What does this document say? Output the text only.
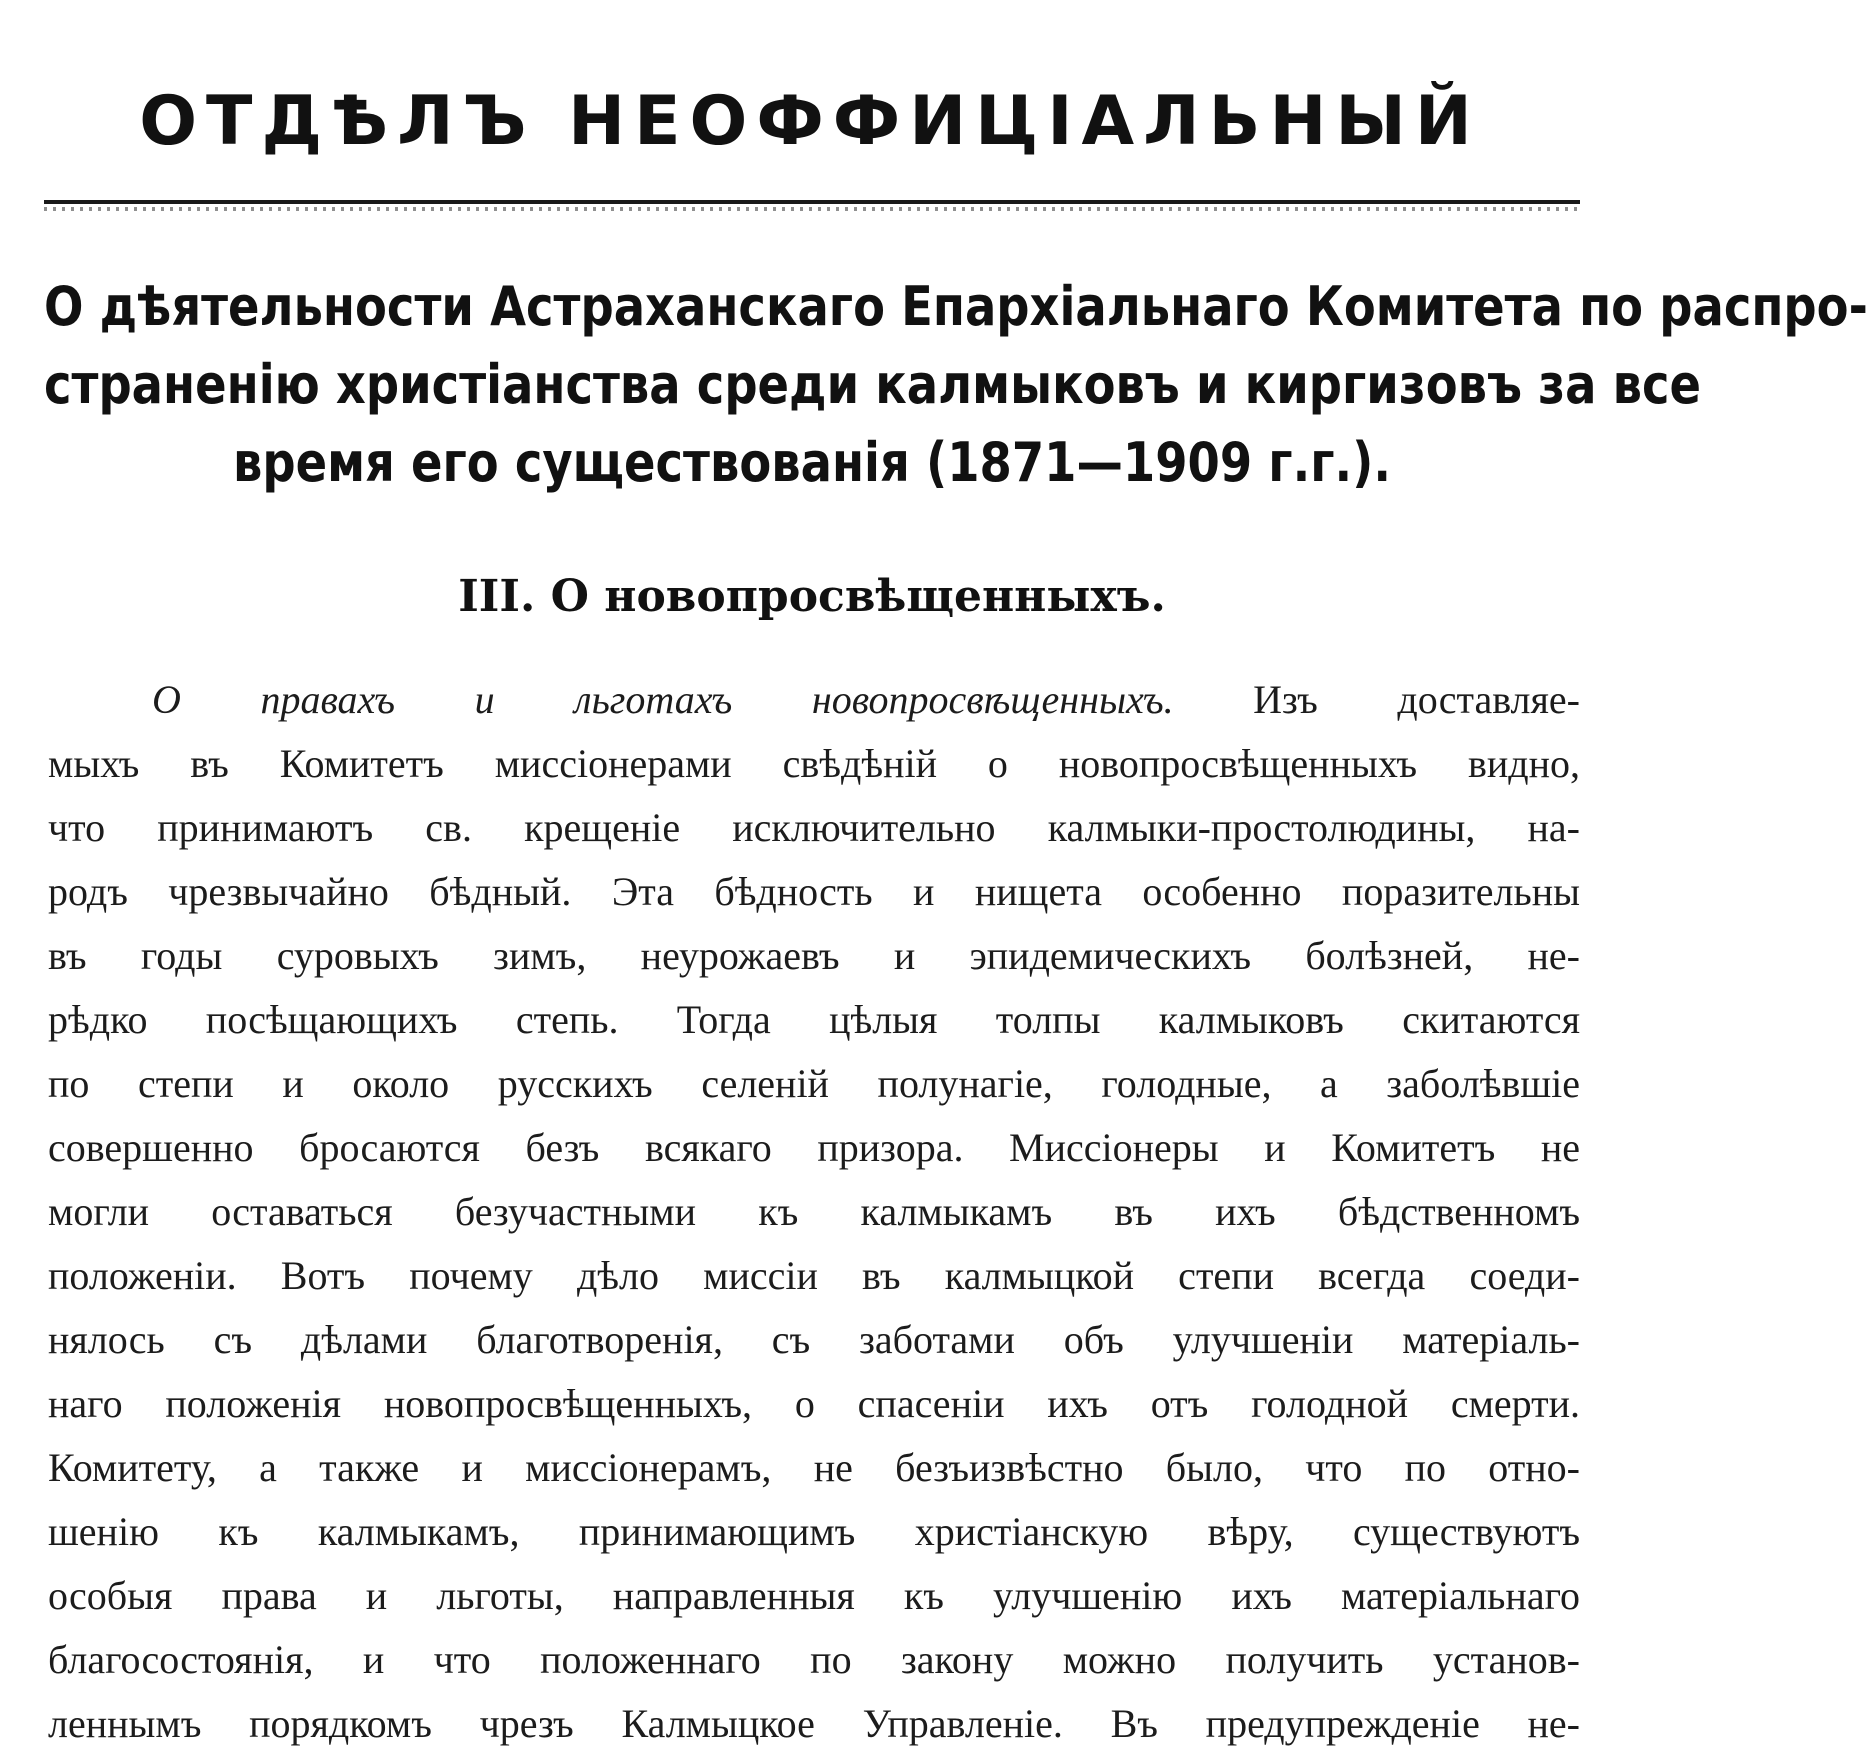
ОТДѢЛЪ НЕОФФИЦІАЛЬНЫЙ
О дѣятельности Астраханскаго Епархіальнаго Комитета по распро-
страненію христіанства среди калмыковъ и киргизовъ за все
время его существованія (1871—1909 г.г.).
III. О новопросвѣщенныхъ.
О правахъ и льготахъ новопросвѣщенныхъ. Изъ доставляе-
мыхъ въ Комитетъ миссіонерами свѣдѣній о новопросвѣщенныхъ видно,
что принимаютъ св. крещеніе исключительно калмыки-простолюдины, на-
родъ чрезвычайно бѣдный. Эта бѣдность и нищета особенно поразительны
въ годы суровыхъ зимъ, неурожаевъ и эпидемическихъ болѣзней, не-
рѣдко посѣщающихъ степь. Тогда цѣлыя толпы калмыковъ скитаются
по степи и около русскихъ селеній полунагіе, голодные, а заболѣвшіе
совершенно бросаются безъ всякаго призора. Миссіонеры и Комитетъ не
могли оставаться безучастными къ калмыкамъ въ ихъ бѣдственномъ
положеніи. Вотъ почему дѣло миссіи въ калмыцкой степи всегда соеди-
нялось съ дѣлами благотворенія, съ заботами объ улучшеніи матеріаль-
наго положенія новопросвѣщенныхъ, о спасеніи ихъ отъ голодной смерти.
Комитету, а также и миссіонерамъ, не безъизвѣстно было, что по отно-
шенію къ калмыкамъ, принимающимъ христіанскую вѣру, существуютъ
особыя права и льготы, направленныя къ улучшенію ихъ матеріальнаго
благосостоянія, и что положеннаго по закону можно получить установ-
леннымъ порядкомъ чрезъ Калмыцкое Управленіе. Въ предупрежденіе не-
